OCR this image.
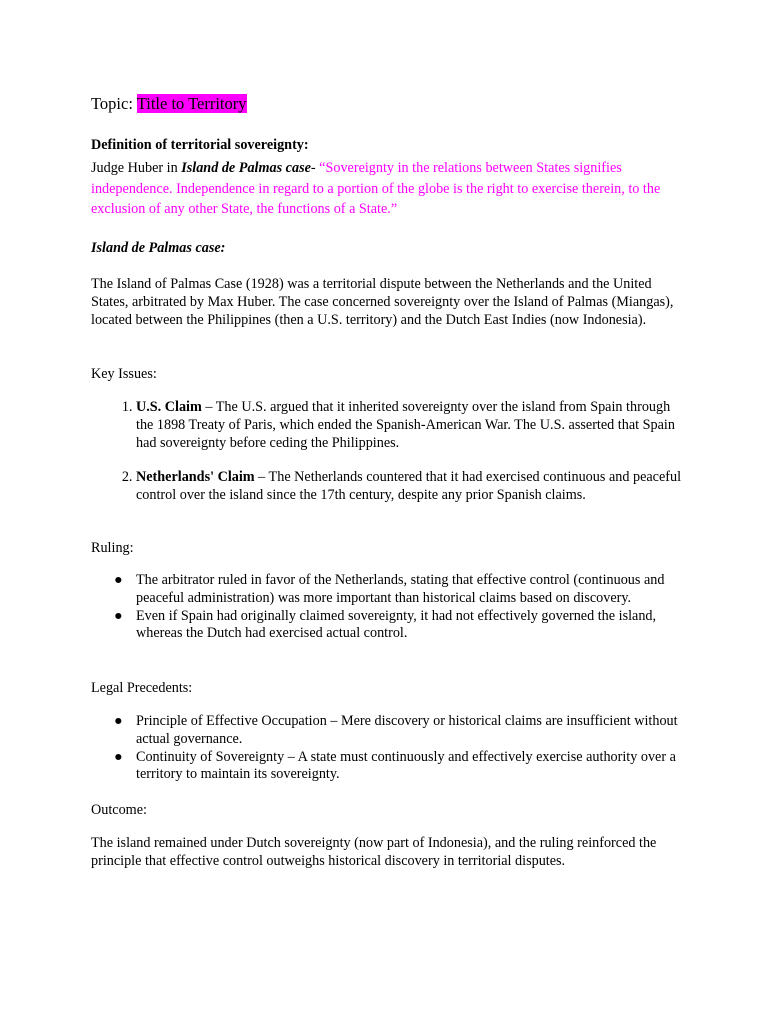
Topic: Title to Territory
Definition of territorial sovereignty:
Judge Huber in Island de Palmas case- “Sovereignty in the relations between States signifies independence. Independence in regard to a portion of the globe is the right to exercise therein, to the exclusion of any other State, the functions of a State.”
Island de Palmas case:
The Island of Palmas Case (1928) was a territorial dispute between the Netherlands and the United States, arbitrated by Max Huber. The case concerned sovereignty over the Island of Palmas (Miangas), located between the Philippines (then a U.S. territory) and the Dutch East Indies (now Indonesia).
Key Issues:
1. U.S. Claim – The U.S. argued that it inherited sovereignty over the island from Spain through the 1898 Treaty of Paris, which ended the Spanish-American War. The U.S. asserted that Spain had sovereignty before ceding the Philippines.
2. Netherlands' Claim – The Netherlands countered that it had exercised continuous and peaceful control over the island since the 17th century, despite any prior Spanish claims.
Ruling:
● The arbitrator ruled in favor of the Netherlands, stating that effective control (continuous and peaceful administration) was more important than historical claims based on discovery.
● Even if Spain had originally claimed sovereignty, it had not effectively governed the island, whereas the Dutch had exercised actual control.
Legal Precedents:
● Principle of Effective Occupation – Mere discovery or historical claims are insufficient without actual governance.
● Continuity of Sovereignty – A state must continuously and effectively exercise authority over a territory to maintain its sovereignty.
Outcome:
The island remained under Dutch sovereignty (now part of Indonesia), and the ruling reinforced the principle that effective control outweighs historical discovery in territorial disputes.
